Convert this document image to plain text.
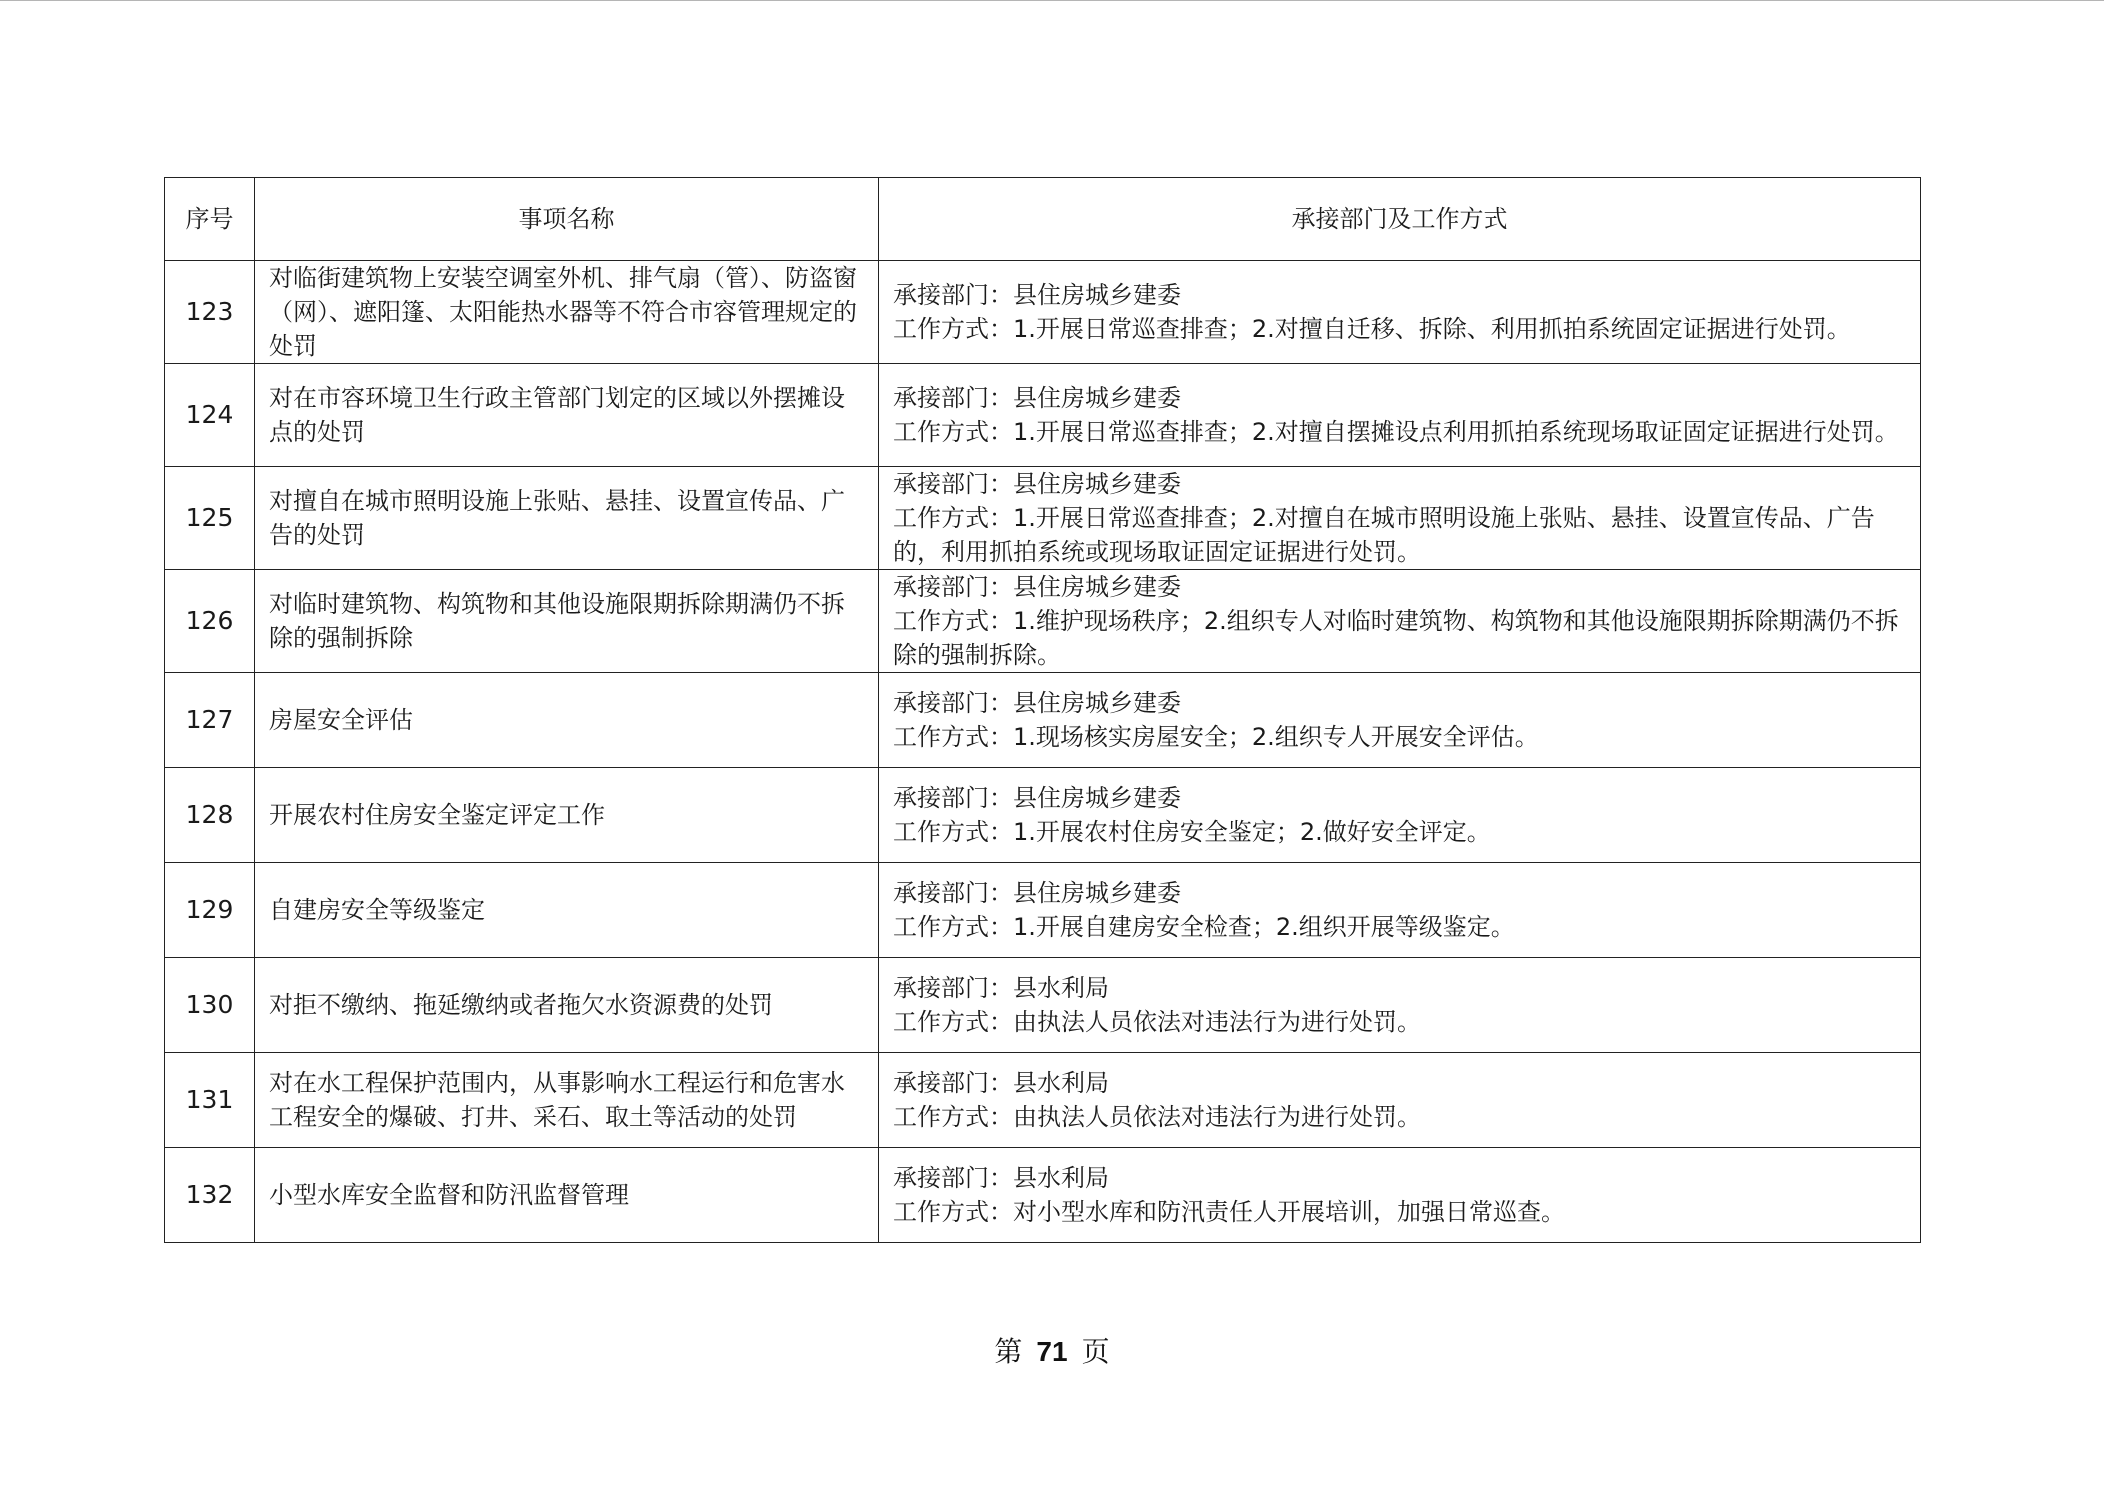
序号	事项名称	承接部门及工作方式
123	对临街建筑物上安装空调室外机、排气扇（管）、防盗窗（网）、遮阳篷、太阳能热水器等不符合市容管理规定的处罚	承接部门：县住房城乡建委
工作方式：1.开展日常巡查排查；2.对擅自迁移、拆除、利用抓拍系统固定证据进行处罚。

124	对在市容环境卫生行政主管部门划定的区域以外摆摊设点的处罚	承接部门：县住房城乡建委
工作方式：1.开展日常巡查排查；2.对擅自摆摊设点利用抓拍系统现场取证固定证据进行处罚。

125	对擅自在城市照明设施上张贴、悬挂、设置宣传品、广告的处罚	承接部门：县住房城乡建委
工作方式：1.开展日常巡查排查；2.对擅自在城市照明设施上张贴、悬挂、设置宣传品、广告的，利用抓拍系统或现场取证固定证据进行处罚。

126	对临时建筑物、构筑物和其他设施限期拆除期满仍不拆除的强制拆除	承接部门：县住房城乡建委
工作方式：1.维护现场秩序；2.组织专人对临时建筑物、构筑物和其他设施限期拆除期满仍不拆除的强制拆除。

127	房屋安全评估	承接部门：县住房城乡建委
工作方式：1.现场核实房屋安全；2.组织专人开展安全评估。

128	开展农村住房安全鉴定评定工作	承接部门：县住房城乡建委
工作方式：1.开展农村住房安全鉴定；2.做好安全评定。

129	自建房安全等级鉴定	承接部门：县住房城乡建委
工作方式：1.开展自建房安全检查；2.组织开展等级鉴定。

130	对拒不缴纳、拖延缴纳或者拖欠水资源费的处罚	承接部门：县水利局
工作方式：由执法人员依法对违法行为进行处罚。

131	对在水工程保护范围内，从事影响水工程运行和危害水工程安全的爆破、打井、采石、取土等活动的处罚	承接部门：县水利局
工作方式：由执法人员依法对违法行为进行处罚。

132	小型水库安全监督和防汛监督管理	承接部门：县水利局
工作方式：对小型水库和防汛责任人开展培训，加强日常巡查。
第 71 页
